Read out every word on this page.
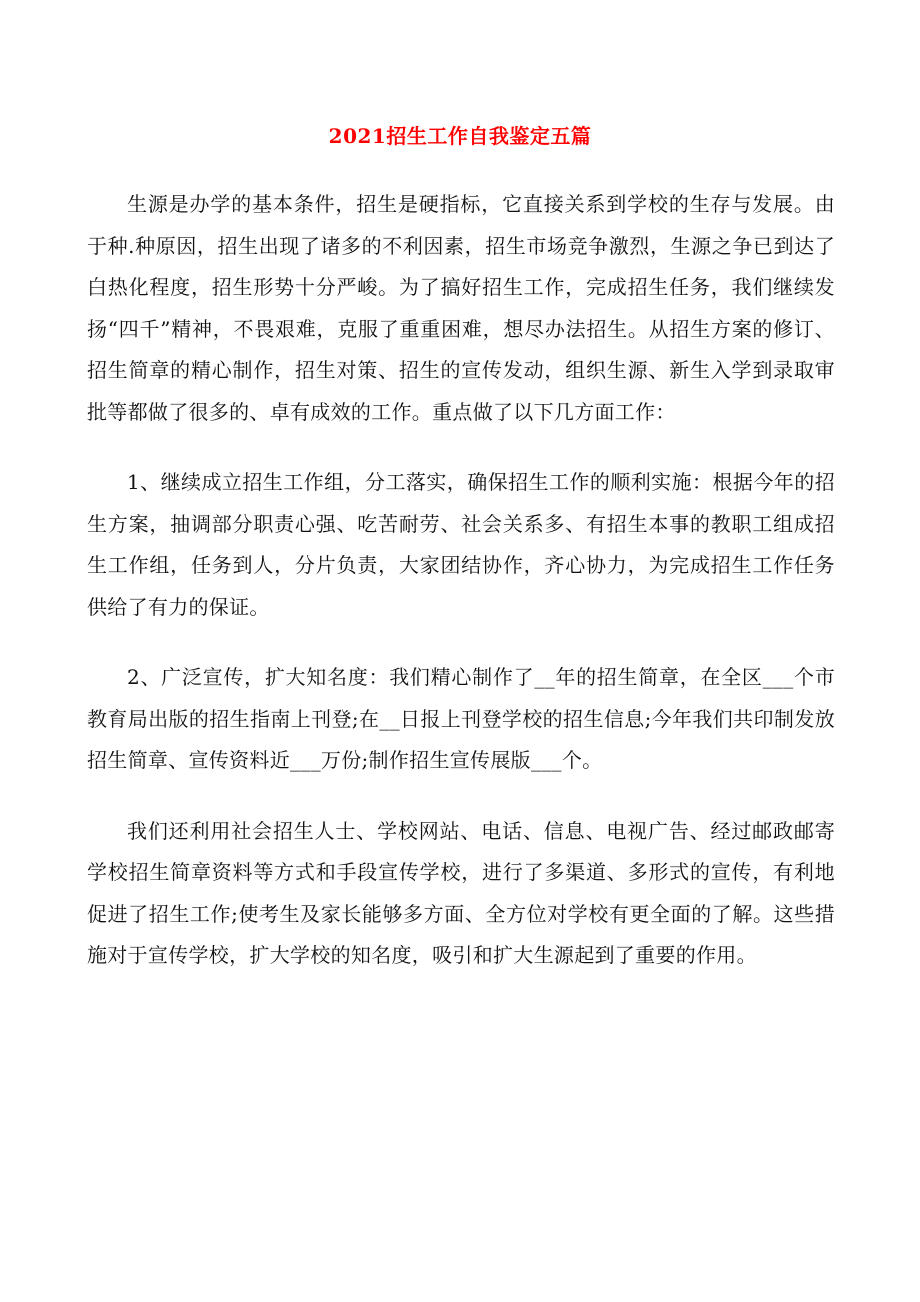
2021招生工作自我鉴定五篇

生源是办学的基本条件，招生是硬指标，它直接关系到学校的生存与发展。由于种.种原因，招生出现了诸多的不利因素，招生市场竞争激烈，生源之争已到达了白热化程度，招生形势十分严峻。为了搞好招生工作，完成招生任务，我们继续发扬“四千”精神，不畏艰难，克服了重重困难，想尽办法招生。从招生方案的修订、招生简章的精心制作，招生对策、招生的宣传发动，组织生源、新生入学到录取审批等都做了很多的、卓有成效的工作。重点做了以下几方面工作：

1、继续成立招生工作组，分工落实，确保招生工作的顺利实施：根据今年的招生方案，抽调部分职责心强、吃苦耐劳、社会关系多、有招生本事的教职工组成招生工作组，任务到人，分片负责，大家团结协作，齐心协力，为完成招生工作任务供给了有力的保证。

2、广泛宣传，扩大知名度：我们精心制作了__年的招生简章，在全区___个市教育局出版的招生指南上刊登;在__日报上刊登学校的招生信息;今年我们共印制发放招生简章、宣传资料近___万份;制作招生宣传展版___个。

我们还利用社会招生人士、学校网站、电话、信息、电视广告、经过邮政邮寄学校招生简章资料等方式和手段宣传学校，进行了多渠道、多形式的宣传，有利地促进了招生工作;使考生及家长能够多方面、全方位对学校有更全面的了解。这些措施对于宣传学校，扩大学校的知名度，吸引和扩大生源起到了重要的作用。
